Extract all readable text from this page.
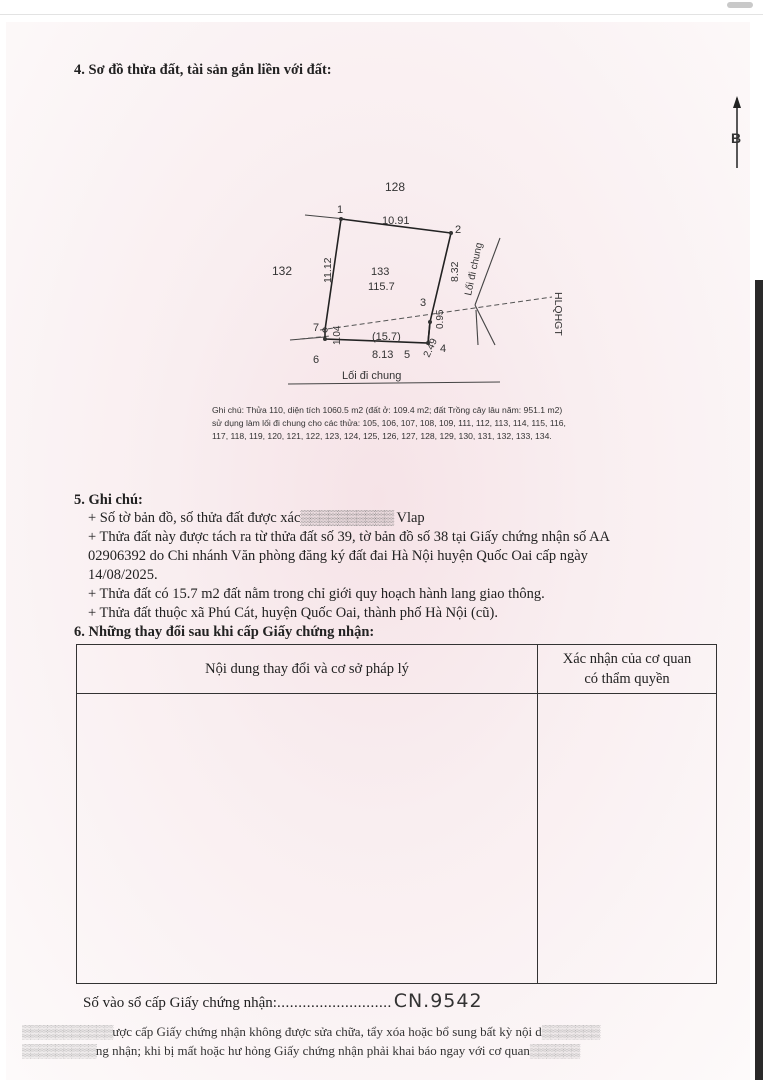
4. Sơ đồ thửa đất, tài sản gắn liền với đất:
B
128
132	133
115.7
1
2
3
4
5
6
7
10.91
11.12	8.32 Lối đi chung
0.95
2.49
1.04	(15.7)
8.13
Lối đi chung
HLQHGT
Ghi chú: Thửa 110, diện tích 1060.5 m2 (đất ở: 109.4 m2; đất Trồng cây lâu năm: 951.1 m2)
sử dụng làm lối đi chung cho các thửa: 105, 106, 107, 108, 109, 111, 112, 113, 114, 115, 116,
117, 118, 119, 120, 121, 122, 123, 124, 125, 126, 127, 128, 129, 130, 131, 132, 133, 134.
5. Ghi chú:
+ Số tờ bản đồ, số thửa đất được xác▒▒▒▒▒▒▒▒▒▒ Vlap
+ Thửa đất này được tách ra từ thửa đất số 39, tờ bản đồ số 38 tại Giấy chứng nhận số AA
02906392 do Chi nhánh Văn phòng đăng ký đất đai Hà Nội huyện Quốc Oai cấp ngày
14/08/2025.
+ Thửa đất có 15.7 m2 đất nằm trong chỉ giới quy hoạch hành lang giao thông.
+ Thửa đất thuộc xã Phú Cát, huyện Quốc Oai, thành phố Hà Nội (cũ).
6. Những thay đổi sau khi cấp Giấy chứng nhận:
Nội dung thay đổi và cơ sở pháp lý	Xác nhận của cơ quan
có thẩm quyền

Số vào sổ cấp Giấy chứng nhận:........................... CN.9542
▒▒▒▒▒▒▒▒▒▒▒ược cấp Giấy chứng nhận không được sửa chữa, tẩy xóa hoặc bổ sung bất kỳ nội d▒▒▒▒▒▒▒
▒▒▒▒▒▒▒▒▒ng nhận; khi bị mất hoặc hư hỏng Giấy chứng nhận phải khai báo ngay với cơ quan▒▒▒▒▒▒
